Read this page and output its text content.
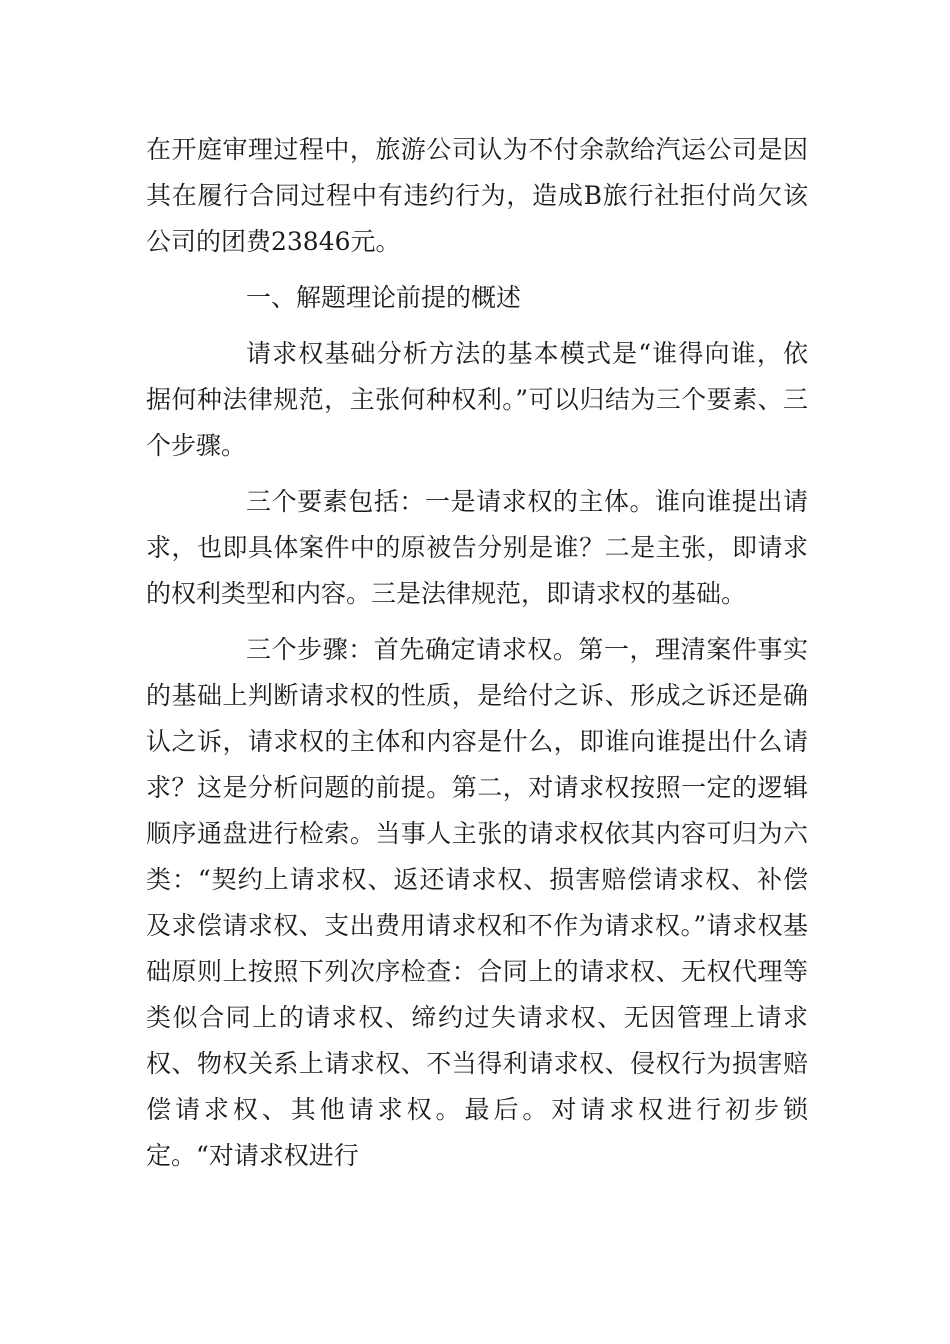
在开庭审理过程中，旅游公司认为不付余款给汽运公司是因其在履行合同过程中有违约行为，造成B旅行社拒付尚欠该公司的团费23846元。

一、解题理论前提的概述

请求权基础分析方法的基本模式是“谁得向谁，依据何种法律规范，主张何种权利。”可以归结为三个要素、三个步骤。

三个要素包括：一是请求权的主体。谁向谁提出请求，也即具体案件中的原被告分别是谁？二是主张，即请求的权利类型和内容。三是法律规范，即请求权的基础。

三个步骤：首先确定请求权。第一，理清案件事实的基础上判断请求权的性质，是给付之诉、形成之诉还是确认之诉，请求权的主体和内容是什么，即谁向谁提出什么请求？这是分析问题的前提。第二，对请求权按照一定的逻辑顺序通盘进行检索。当事人主张的请求权依其内容可归为六类：“契约上请求权、返还请求权、损害赔偿请求权、补偿及求偿请求权、支出费用请求权和不作为请求权。”请求权基础原则上按照下列次序检查：合同上的请求权、无权代理等类似合同上的请求权、缔约过失请求权、无因管理上请求权、物权关系上请求权、不当得利请求权、侵权行为损害赔偿请求权、其他请求权。最后。对请求权进行初步锁定。“对请求权进行
